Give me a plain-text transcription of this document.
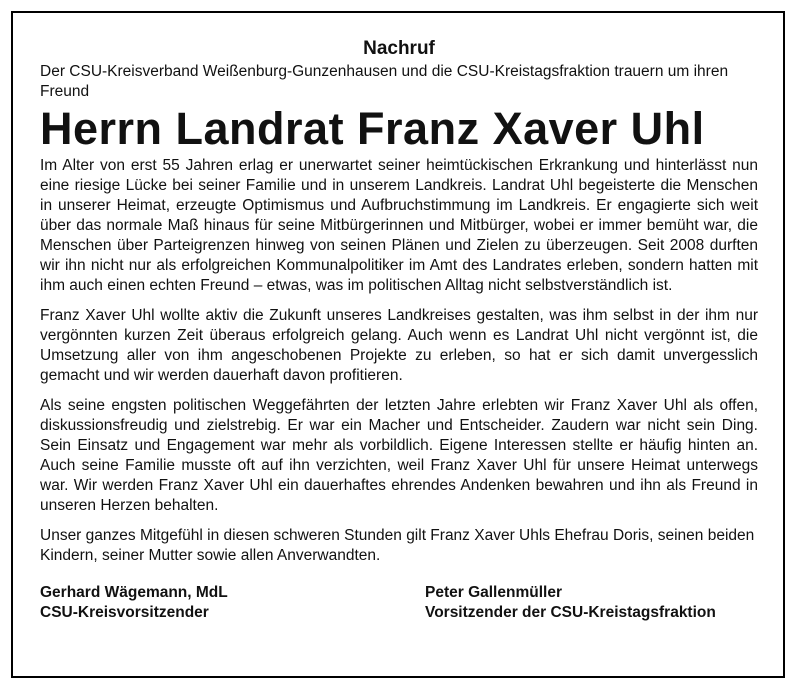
Nachruf

Der CSU-Kreisverband Weißenburg-Gunzenhausen und die CSU-Kreistagsfraktion trauern um ihren Freund

Herrn Landrat Franz Xaver Uhl

Im Alter von erst 55 Jahren erlag er unerwartet seiner heimtückischen Erkrankung und hinterlässt nun eine riesige Lücke bei seiner Familie und in unserem Landkreis. Landrat Uhl begeisterte die Menschen in unserer Heimat, erzeugte Optimismus und Aufbruchstimmung im Landkreis. Er engagierte sich weit über das normale Maß hinaus für seine Mitbürgerinnen und Mitbürger, wobei er immer bemüht war, die Menschen über Parteigrenzen hinweg von seinen Plänen und Zielen zu überzeugen. Seit 2008 durften wir ihn nicht nur als erfolgreichen Kommunalpolitiker im Amt des Landrates erleben, sondern hatten mit ihm auch einen echten Freund – etwas, was im politischen Alltag nicht selbstverständlich ist.

Franz Xaver Uhl wollte aktiv die Zukunft unseres Landkreises gestalten, was ihm selbst in der ihm nur vergönnten kurzen Zeit überaus erfolgreich gelang. Auch wenn es Landrat Uhl nicht vergönnt ist, die Umsetzung aller von ihm angeschobenen Projekte zu erleben, so hat er sich damit unvergesslich gemacht und wir werden dauerhaft davon profitieren.

Als seine engsten politischen Weggefährten der letzten Jahre erlebten wir Franz Xaver Uhl als offen, diskussionsfreudig und zielstrebig. Er war ein Macher und Entscheider. Zaudern war nicht sein Ding. Sein Einsatz und Engagement war mehr als vorbildlich. Eigene Interessen stellte er häufig hinten an. Auch seine Familie musste oft auf ihn verzichten, weil Franz Xaver Uhl für unsere Heimat unterwegs war. Wir werden Franz Xaver Uhl ein dauerhaftes ehrendes Andenken bewahren und ihn als Freund in unseren Herzen behalten.

Unser ganzes Mitgefühl in diesen schweren Stunden gilt Franz Xaver Uhls Ehefrau Doris, seinen beiden Kindern, seiner Mutter sowie allen Anverwandten.

Gerhard Wägemann, MdL
CSU-Kreisvorsitzender
Peter Gallenmüller
Vorsitzender der CSU-Kreistagsfraktion
